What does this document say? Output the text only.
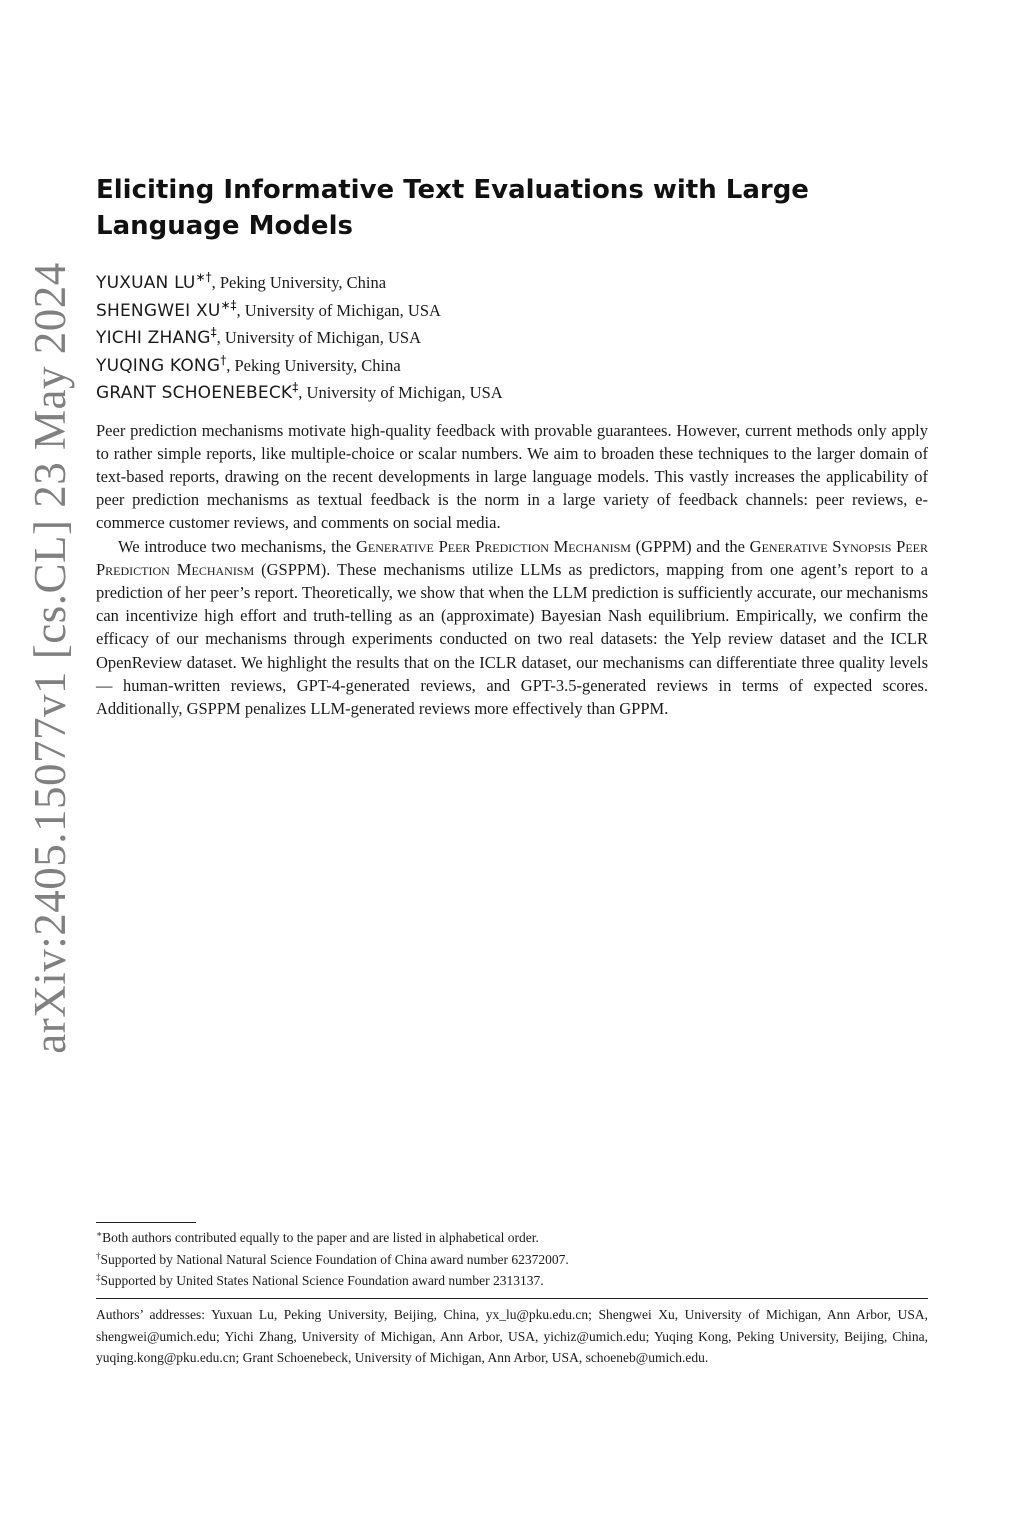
arXiv:2405.15077v1 [cs.CL] 23 May 2024
Eliciting Informative Text Evaluations with Large Language Models
YUXUAN LU∗†, Peking University, China
SHENGWEI XU∗‡, University of Michigan, USA
YICHI ZHANG‡, University of Michigan, USA
YUQING KONG†, Peking University, China
GRANT SCHOENEBECK‡, University of Michigan, USA

Peer prediction mechanisms motivate high-quality feedback with provable guarantees. However, current methods only apply to rather simple reports, like multiple-choice or scalar numbers. We aim to broaden these techniques to the larger domain of text-based reports, drawing on the recent developments in large language models. This vastly increases the applicability of peer prediction mechanisms as textual feedback is the norm in a large variety of feedback channels: peer reviews, e-commerce customer reviews, and comments on social media.

We introduce two mechanisms, the Generative Peer Prediction Mechanism (GPPM) and the Generative Synopsis Peer Prediction Mechanism (GSPPM). These mechanisms utilize LLMs as predictors, mapping from one agent’s report to a prediction of her peer’s report. Theoretically, we show that when the LLM prediction is sufficiently accurate, our mechanisms can incentivize high effort and truth-telling as an (approximate) Bayesian Nash equilibrium. Empirically, we confirm the efficacy of our mechanisms through experiments conducted on two real datasets: the Yelp review dataset and the ICLR OpenReview dataset. We highlight the results that on the ICLR dataset, our mechanisms can differentiate three quality levels — human-written reviews, GPT-4-generated reviews, and GPT-3.5-generated reviews in terms of expected scores. Additionally, GSPPM penalizes LLM-generated reviews more effectively than GPPM.

∗Both authors contributed equally to the paper and are listed in alphabetical order.
†Supported by National Natural Science Foundation of China award number 62372007.
‡Supported by United States National Science Foundation award number 2313137.
Authors’ addresses: Yuxuan Lu, Peking University, Beijing, China, yx_lu@pku.edu.cn; Shengwei Xu, University of Michigan, Ann Arbor, USA, shengwei@umich.edu; Yichi Zhang, University of Michigan, Ann Arbor, USA, yichiz@umich.edu; Yuqing Kong, Peking University, Beijing, China, yuqing.kong@pku.edu.cn; Grant Schoenebeck, University of Michigan, Ann Arbor, USA, schoeneb@umich.edu.
